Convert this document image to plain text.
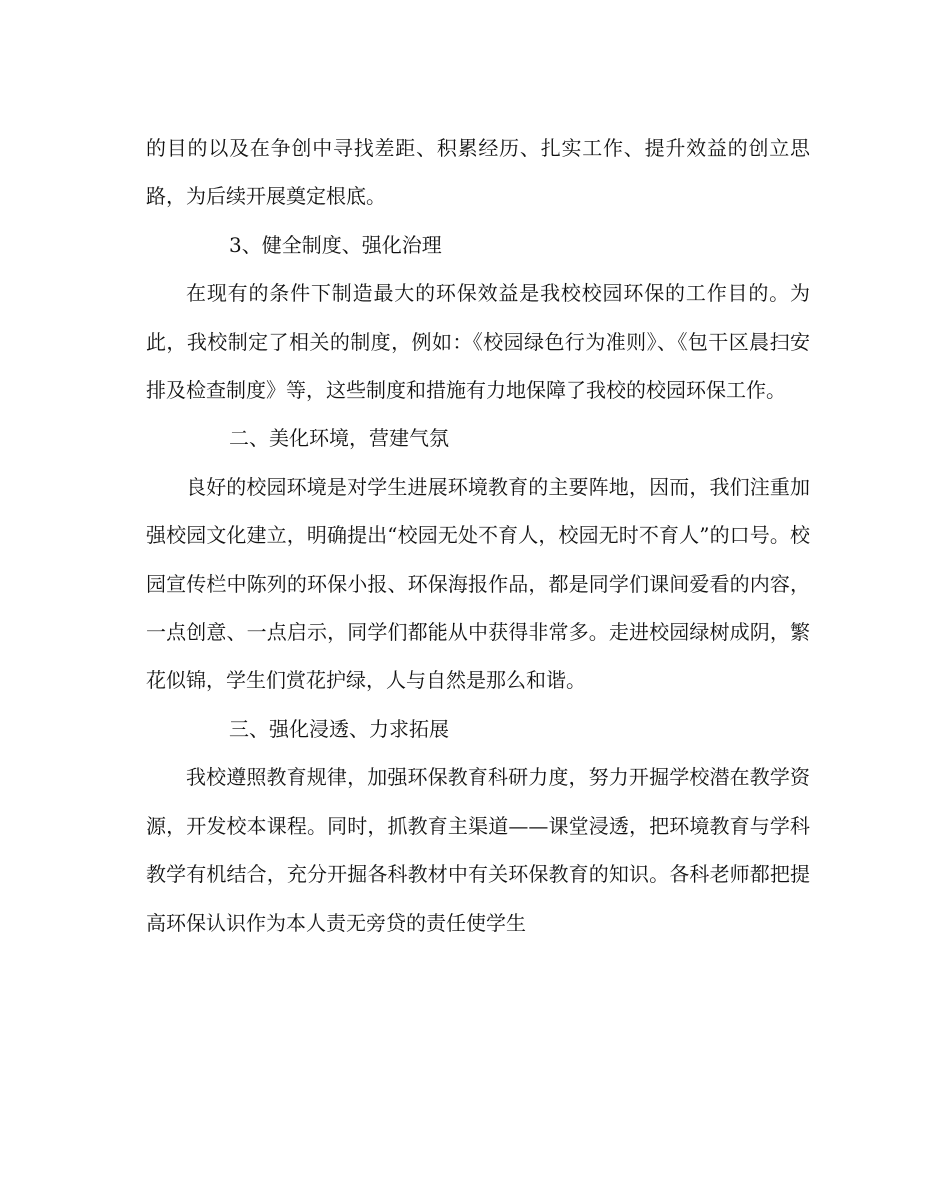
的目的以及在争创中寻找差距、积累经历、扎实工作、提升效益的创立思路，为后续开展奠定根底。

3、健全制度、强化治理

在现有的条件下制造最大的环保效益是我校校园环保的工作目的。为此，我校制定了相关的制度，例如：《校园绿色行为准则》、《包干区晨扫安排及检查制度》等，这些制度和措施有力地保障了我校的校园环保工作。

二、美化环境，营建气氛

良好的校园环境是对学生进展环境教育的主要阵地，因而，我们注重加强校园文化建立，明确提出“校园无处不育人，校园无时不育人”的口号。校园宣传栏中陈列的环保小报、环保海报作品，都是同学们课间爱看的内容，一点创意、一点启示，同学们都能从中获得非常多。走进校园绿树成阴，繁花似锦，学生们赏花护绿，人与自然是那么和谐。

三、强化浸透、力求拓展

我校遵照教育规律，加强环保教育科研力度，努力开掘学校潜在教学资源，开发校本课程。同时，抓教育主渠道——课堂浸透，把环境教育与学科教学有机结合，充分开掘各科教材中有关环保教育的知识。各科老师都把提高环保认识作为本人责无旁贷的责任使学生
